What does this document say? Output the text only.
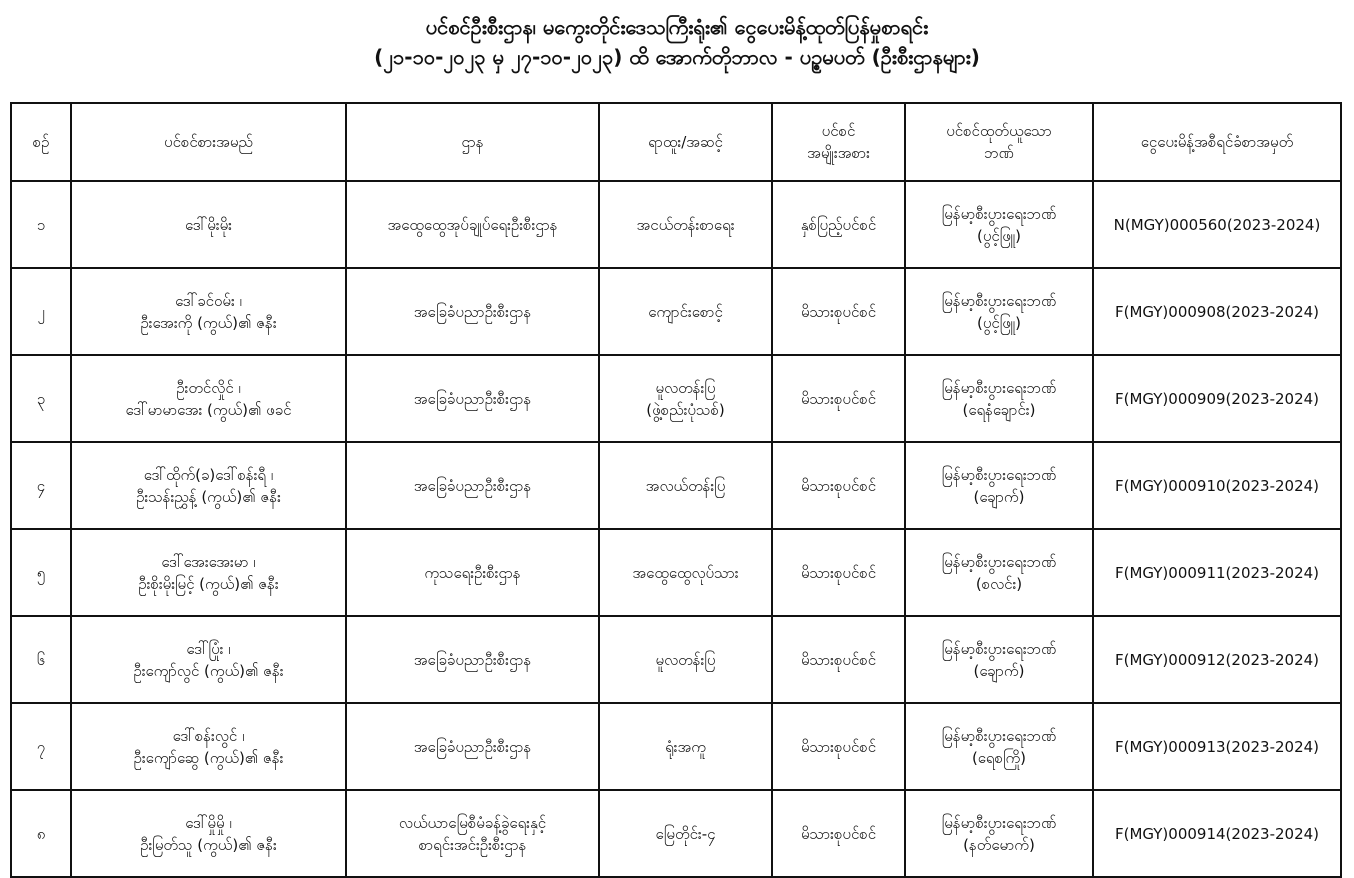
ပင်စင်ဦးစီးဌာန၊ မကွေးတိုင်းဒေသကြီးရုံး၏ ငွေပေးမိန့်ထုတ်ပြန်မှုစာရင်း
(၂၁-၁၀-၂၀၂၃ မှ ၂၇-၁၀-၂၀၂၃) ထိ အောက်တိုဘာလ - ပဥ္စမပတ် (ဦးစီးဌာနများ)
စဉ်	ပင်စင်စားအမည်	ဌာန	ရာထူး/အဆင့်	ပင်စင်
အမျိုးအစား	ပင်စင်ထုတ်ယူသော
ဘဏ်	ငွေပေးမိန့်အစီရင်ခံစာအမှတ်

၁	ဒေါ်မိုးမိုး	အထွေထွေအုပ်ချုပ်ရေးဦးစီးဌာန	အငယ်တန်းစာရေး	နှစ်ပြည့်ပင်စင်	မြန်မာ့စီးပွားရေးဘဏ်
(ပွင့်ဖြူ)	N(MGY)000560(2023-2024)
၂	ဒေါ်ခင်ဝမ်း ၊
ဦးအေးကို (ကွယ်)၏ ဇနီး	အခြေခံပညာဦးစီးဌာန	ကျောင်းစောင့်	မိသားစုပင်စင်	မြန်မာ့စီးပွားရေးဘဏ်
(ပွင့်ဖြူ)	F(MGY)000908(2023-2024)
၃	ဦးတင်လှိုင် ၊
ဒေါ်မာမာအေး (ကွယ်)၏ ဖခင်	အခြေခံပညာဦးစီးဌာန	မူလတန်းပြ
(ဖွဲ့စည်းပုံသစ်)	မိသားစုပင်စင်	မြန်မာ့စီးပွားရေးဘဏ်
(ရေနံချောင်း)	F(MGY)000909(2023-2024)
၄	ဒေါ်ထိုက်(ခ)ဒေါ်စန်းရီ ၊
ဦးသန်းညွှန့် (ကွယ်)၏ ဇနီး	အခြေခံပညာဦးစီးဌာန	အလယ်တန်းပြ	မိသားစုပင်စင်	မြန်မာ့စီးပွားရေးဘဏ်
(ချောက်)	F(MGY)000910(2023-2024)
၅	ဒေါ်အေးအေးမာ ၊
ဦးစိုးမိုးမြင့် (ကွယ်)၏ ဇနီး	ကုသရေးဦးစီးဌာန	အထွေထွေလုပ်သား	မိသားစုပင်စင်	မြန်မာ့စီးပွားရေးဘဏ်
(စလင်း)	F(MGY)000911(2023-2024)
၆	ဒေါ်ပြုံး ၊
ဦးကျော်လွင် (ကွယ်)၏ ဇနီး	အခြေခံပညာဦးစီးဌာန	မူလတန်းပြ	မိသားစုပင်စင်	မြန်မာ့စီးပွားရေးဘဏ်
(ချောက်)	F(MGY)000912(2023-2024)
၇	ဒေါ်စန်းလွင် ၊
ဦးကျော်ဆွေ (ကွယ်)၏ ဇနီး	အခြေခံပညာဦးစီးဌာန	ရုံးအကူ	မိသားစုပင်စင်	မြန်မာ့စီးပွားရေးဘဏ်
(ရေစကြို)	F(MGY)000913(2023-2024)
၈	ဒေါ်မှိုမှို ၊
ဦးမြတ်သူ (ကွယ်)၏ ဇနီး	လယ်ယာမြေစီမံခန့်ခွဲရေးနှင့်
စာရင်းအင်းဦးစီးဌာန	မြေတိုင်း-၄	မိသားစုပင်စင်	မြန်မာ့စီးပွားရေးဘဏ်
(နတ်မောက်)	F(MGY)000914(2023-2024)
